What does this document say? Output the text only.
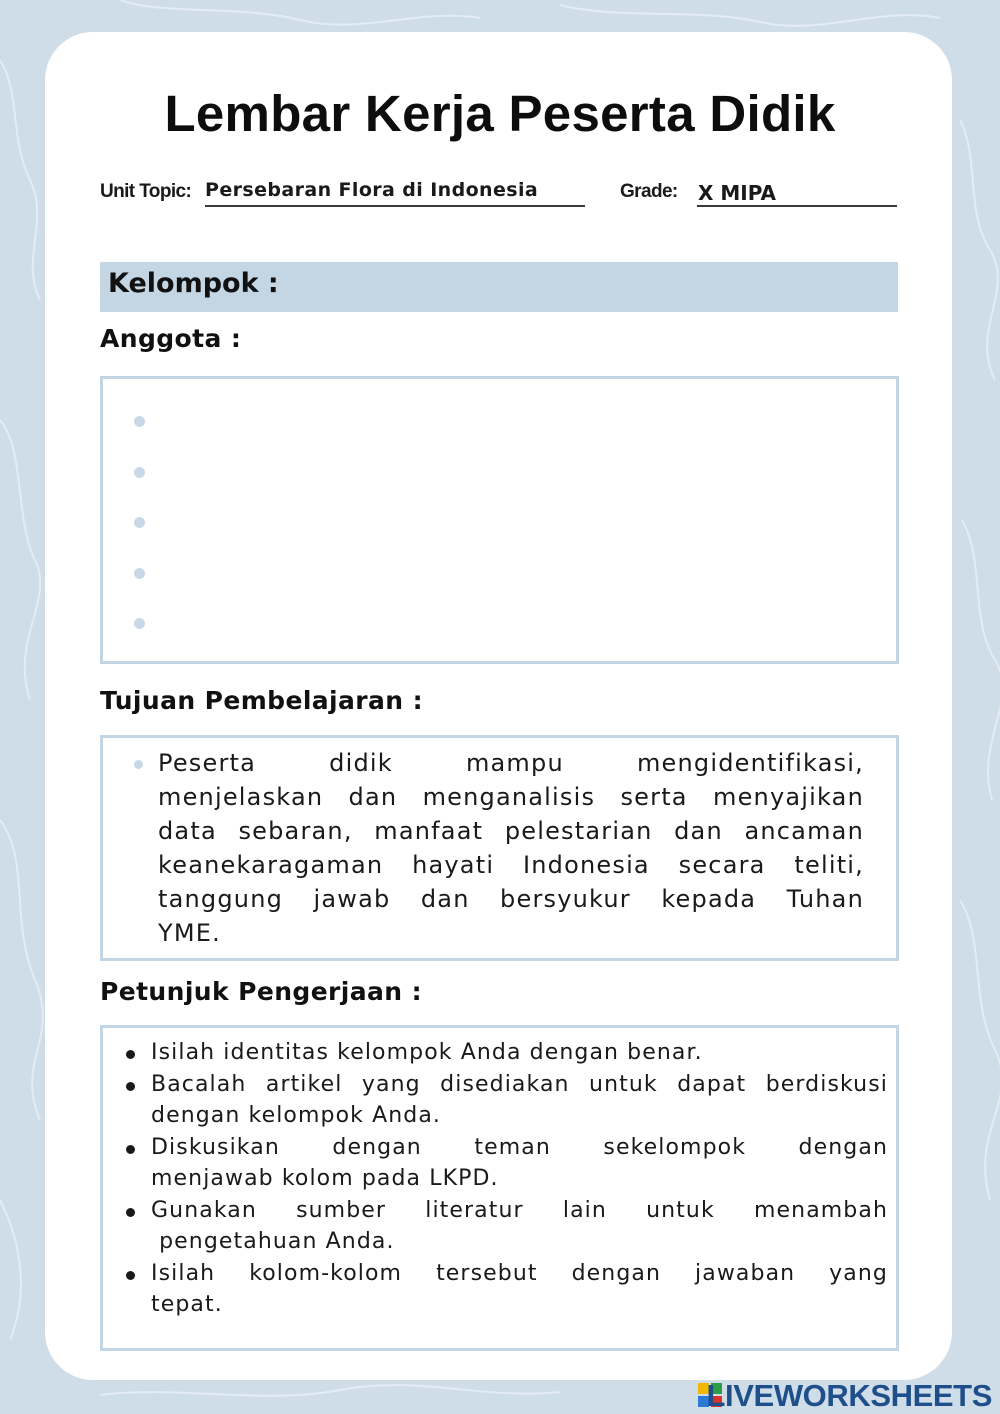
Lembar Kerja Peserta Didik
Unit Topic: Persebaran Flora di Indonesia	Grade: X MIPA
Kelompok :
Anggota :
Tujuan Pembelajaran :
Peserta didik mampu mengidentifikasi,
menjelaskan dan menganalisis serta menyajikan
data sebaran, manfaat pelestarian dan ancaman
keanekaragaman hayati Indonesia secara teliti,
tanggung jawab dan bersyukur kepada Tuhan
YME.
Petunjuk Pengerjaan :
Isilah identitas kelompok Anda dengan benar.
Bacalah artikel yang disediakan untuk dapat berdiskusi
dengan kelompok Anda.
Diskusikan dengan teman sekelompok dengan
menjawab kolom pada LKPD.
Gunakan sumber literatur lain untuk menambah
pengetahuan Anda.
Isilah kolom-kolom tersebut dengan jawaban yang
tepat.
LIVEWORKSHEETS
